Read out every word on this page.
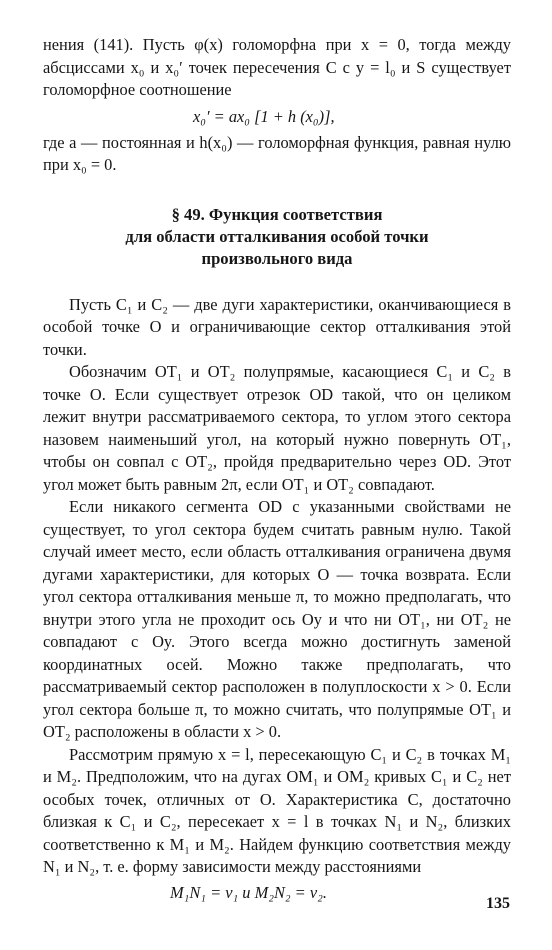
нения (141). Пусть φ(x) голоморфна при x = 0, тогда между абсциссами x₀ и x₀′ точек пересечения C с y = l₀ и S существует голоморфное соотношение

x₀′ = ax₀ [1 + h (x₀)],

где a — постоянная и h(x₀) — голоморфная функция, равная нулю при x₀ = 0.

§ 49. Функция соответствия
для области отталкивания особой точки
произвольного вида

Пусть C₁ и C₂ — две дуги характеристики, оканчивающиеся в особой точке O и ограничивающие сектор отталкивания этой точки.

Обозначим OT₁ и OT₂ полупрямые, касающиеся C₁ и C₂ в точке O. Если существует отрезок OD такой, что он целиком лежит внутри рассматриваемого сектора, то углом этого сектора назовем наименьший угол, на который нужно повернуть OT₁, чтобы он совпал с OT₂, пройдя предварительно через OD. Этот угол может быть равным 2π, если OT₁ и OT₂ совпадают.

Если никакого сегмента OD с указанными свойствами не существует, то угол сектора будем считать равным нулю. Такой случай имеет место, если область отталкивания ограничена двумя дугами характеристики, для которых O — точка возврата. Если угол сектора отталкивания меньше π, то можно предполагать, что внутри этого угла не проходит ось Oy и что ни OT₁, ни OT₂ не совпадают с Oy. Этого всегда можно достигнуть заменой координатных осей. Можно также предполагать, что рассматриваемый сектор расположен в полуплоскости x > 0. Если угол сектора больше π, то можно считать, что полупрямые OT₁ и OT₂ расположены в области x > 0.

Рассмотрим прямую x = l, пересекающую C₁ и C₂ в точках M₁ и M₂. Предположим, что на дугах OM₁ и OM₂ кривых C₁ и C₂ нет особых точек, отличных от O. Характеристика C, достаточно близкая к C₁ и C₂, пересекает x = l в точках N₁ и N₂, близких соответственно к M₁ и M₂. Найдем функцию соответствия между N₁ и N₂, т. е. форму зависимости между расстояниями

M₁N₁ = v₁ и M₂N₂ = v₂.
135
